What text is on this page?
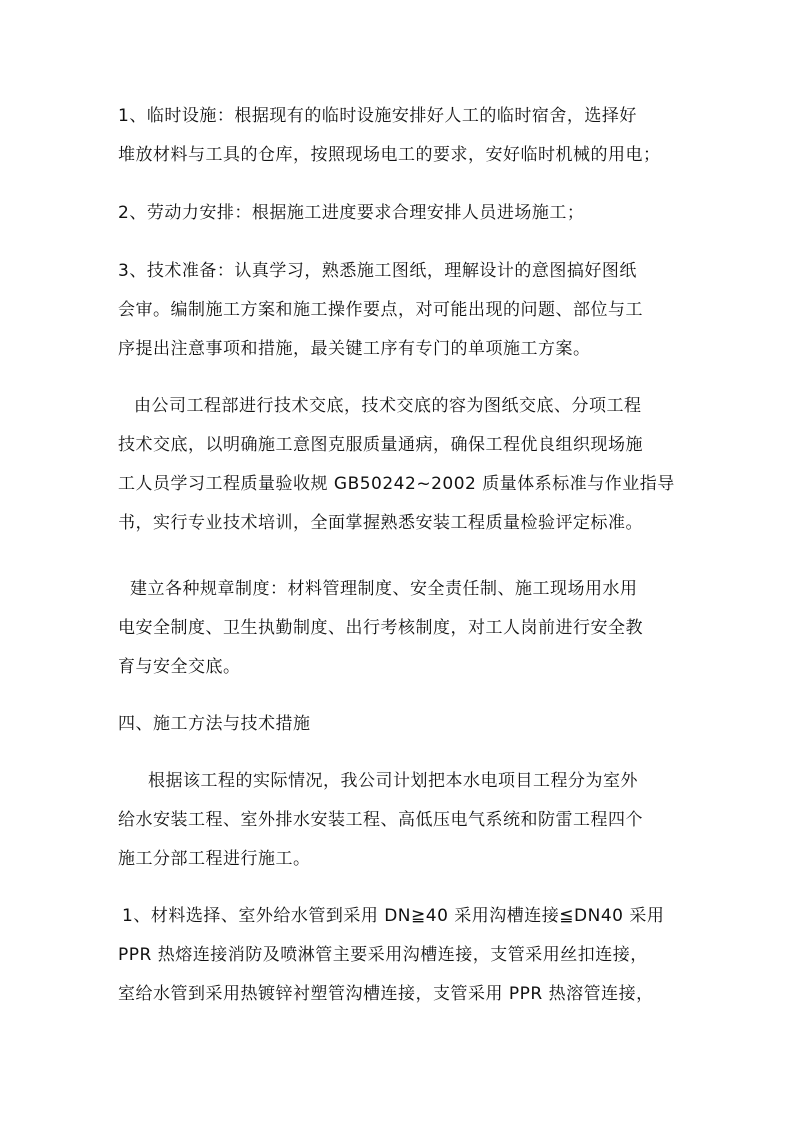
1、临时设施：根据现有的临时设施安排好人工的临时宿舍，选择好
堆放材料与工具的仓库，按照现场电工的要求，安好临时机械的用电；

2、劳动力安排：根据施工进度要求合理安排人员进场施工；

3、技术准备：认真学习，熟悉施工图纸，理解设计的意图搞好图纸
会审。编制施工方案和施工操作要点，对可能出现的问题、部位与工
序提出注意事项和措施，最关键工序有专门的单项施工方案。

由公司工程部进行技术交底，技术交底的容为图纸交底、分项工程
技术交底，以明确施工意图克服质量通病，确保工程优良组织现场施
工人员学习工程质量验收规 GB50242~2002 质量体系标准与作业指导
书，实行专业技术培训，全面掌握熟悉安装工程质量检验评定标准。

建立各种规章制度：材料管理制度、安全责任制、施工现场用水用
电安全制度、卫生执勤制度、出行考核制度，对工人岗前进行安全教
育与安全交底。

四、施工方法与技术措施

根据该工程的实际情况，我公司计划把本水电项目工程分为室外
给水安装工程、室外排水安装工程、高低压电气系统和防雷工程四个
施工分部工程进行施工。

1、材料选择、室外给水管到采用 DN≧40 采用沟槽连接≦DN40 采用
PPR 热熔连接消防及喷淋管主要采用沟槽连接，支管采用丝扣连接，
室给水管到采用热镀锌衬塑管沟槽连接，支管采用 PPR 热溶管连接，
